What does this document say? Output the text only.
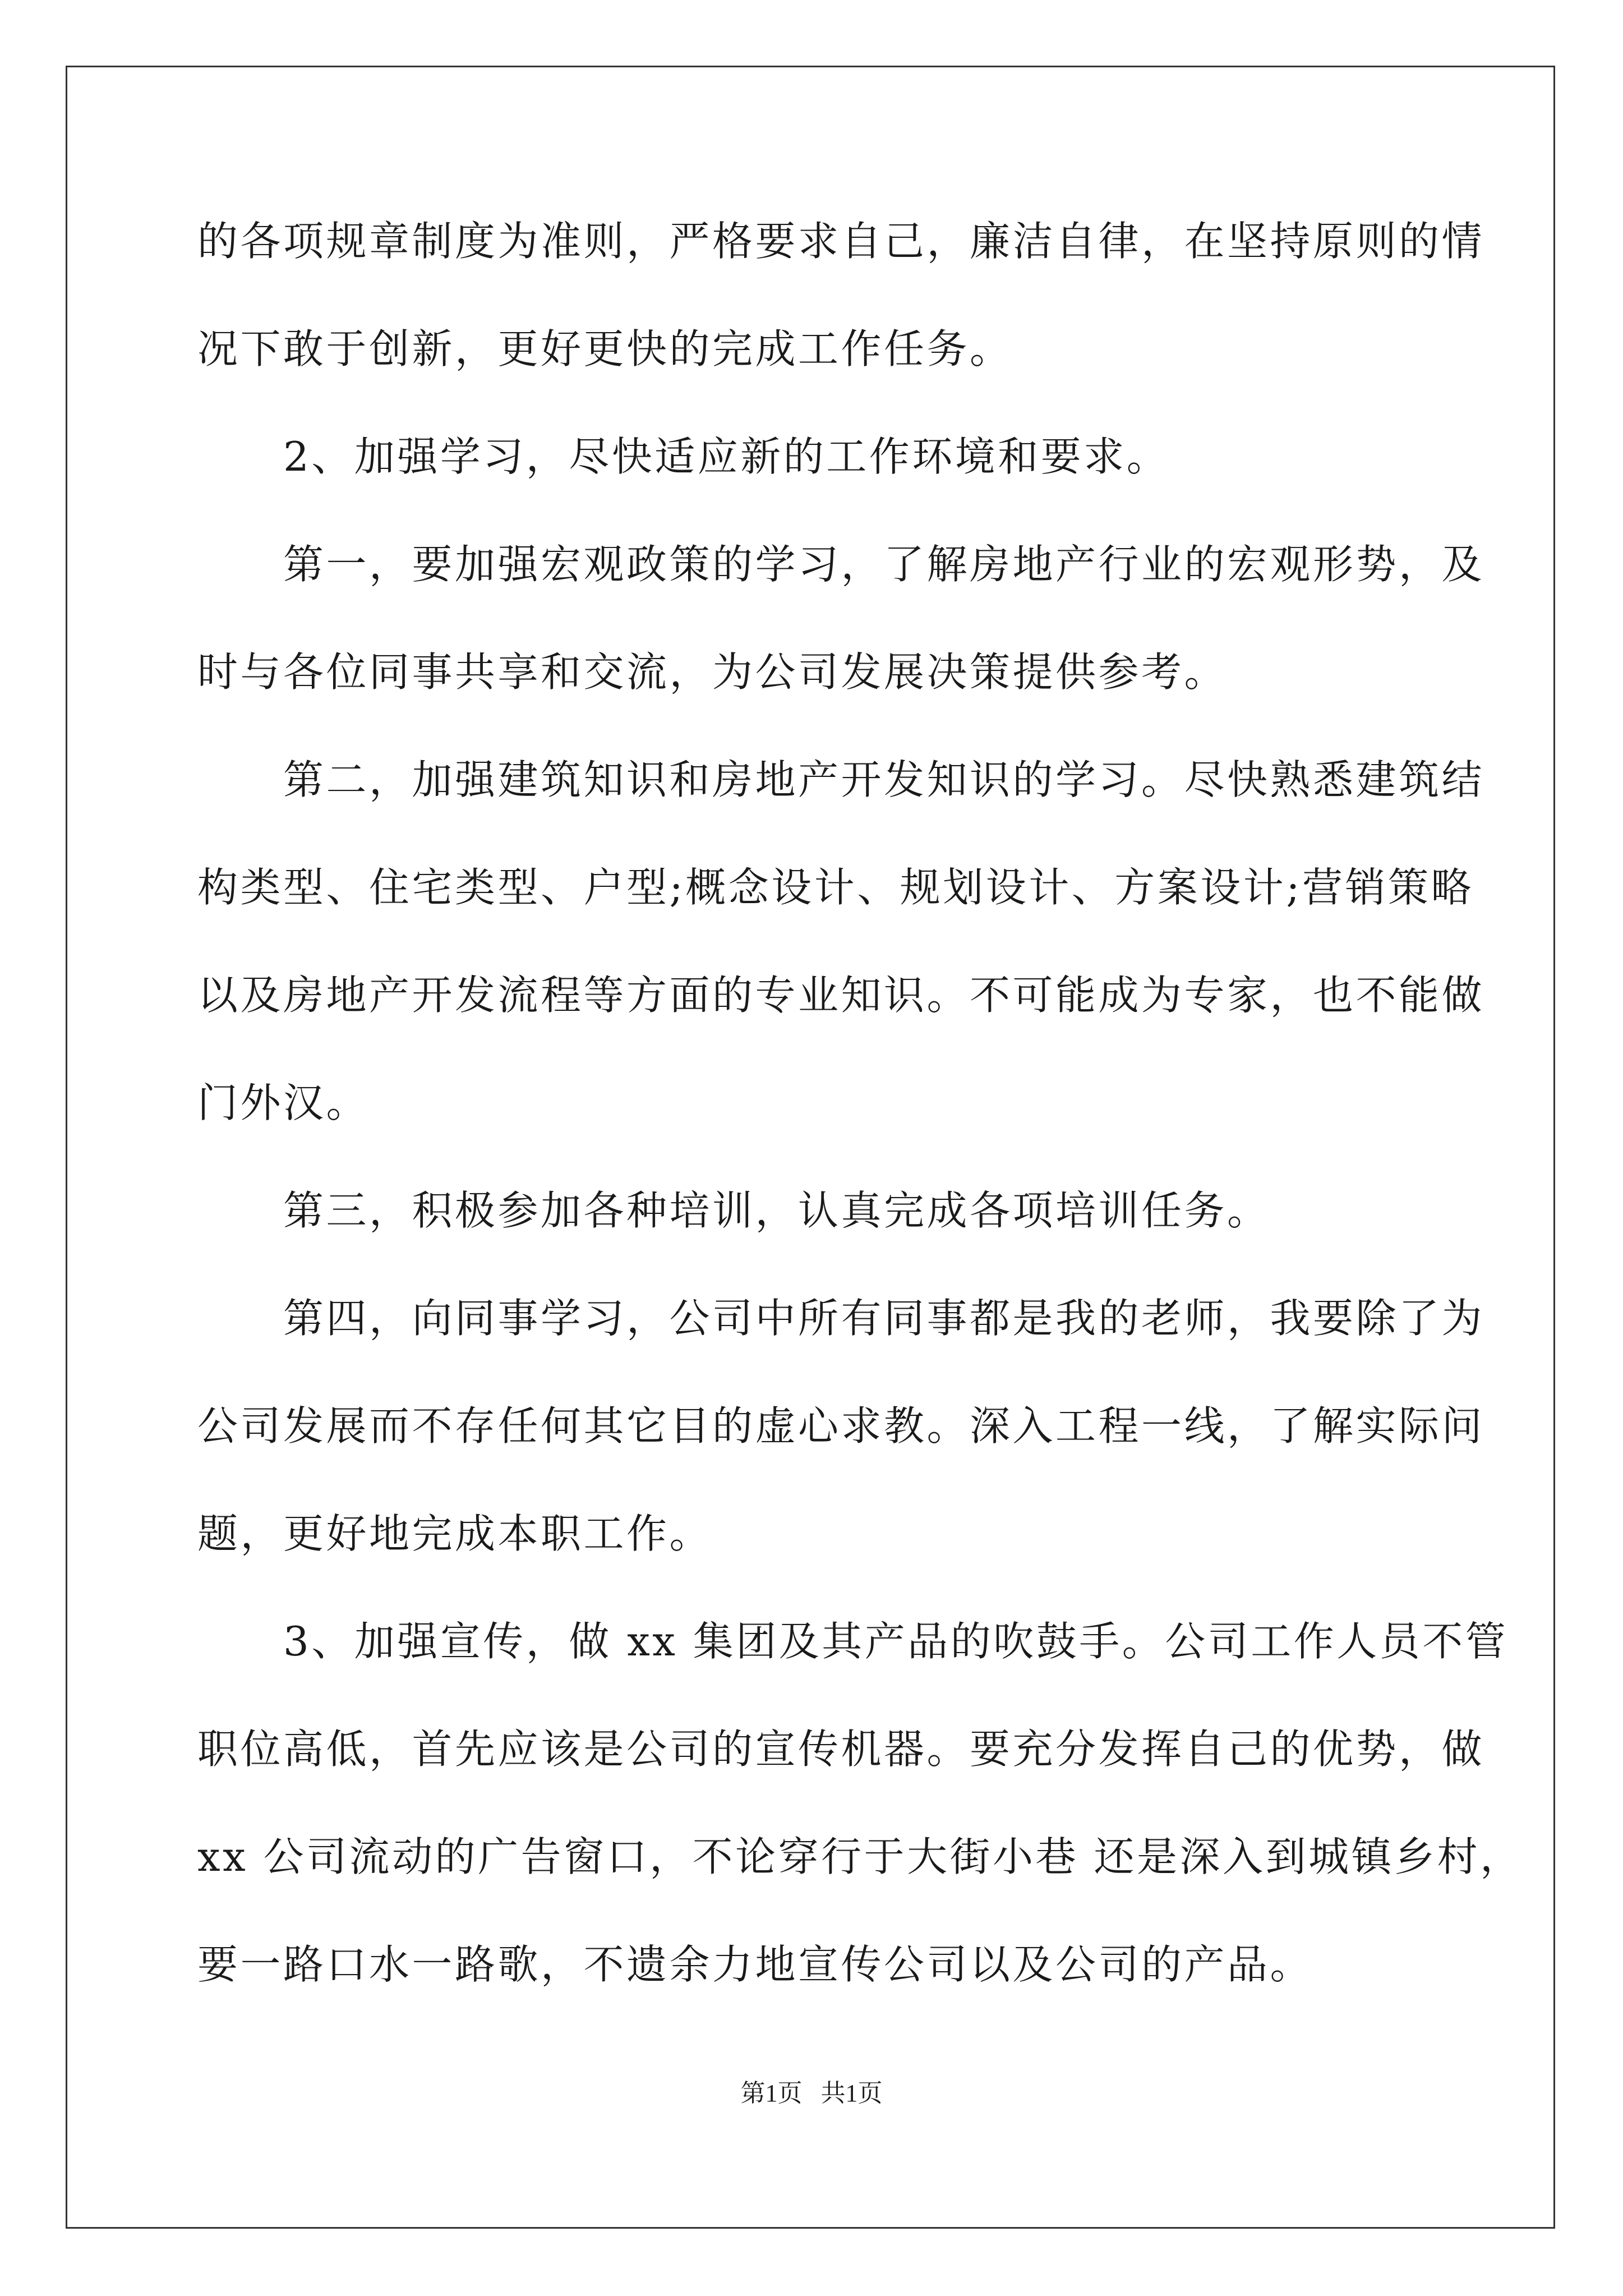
的各项规章制度为准则，严格要求自己，廉洁自律，在坚持原则的情
况下敢于创新，更好更快的完成工作任务。
　　2、加强学习，尽快适应新的工作环境和要求。
　　第一，要加强宏观政策的学习，了解房地产行业的宏观形势，及
时与各位同事共享和交流，为公司发展决策提供参考。
　　第二，加强建筑知识和房地产开发知识的学习。尽快熟悉建筑结
构类型、住宅类型、户型;概念设计、规划设计、方案设计;营销策略
以及房地产开发流程等方面的专业知识。不可能成为专家，也不能做
门外汉。
　　第三，积极参加各种培训，认真完成各项培训任务。
　　第四，向同事学习，公司中所有同事都是我的老师，我要除了为
公司发展而不存任何其它目的虚心求教。深入工程一线，了解实际问
题，更好地完成本职工作。
　　3、加强宣传，做 xx 集团及其产品的吹鼓手。公司工作人员不管
职位高低，首先应该是公司的宣传机器。要充分发挥自己的优势，做
xx 公司流动的广告窗口，不论穿行于大街小巷 还是深入到城镇乡村，
要一路口水一路歌，不遗余力地宣传公司以及公司的产品。
第1页   共1页
